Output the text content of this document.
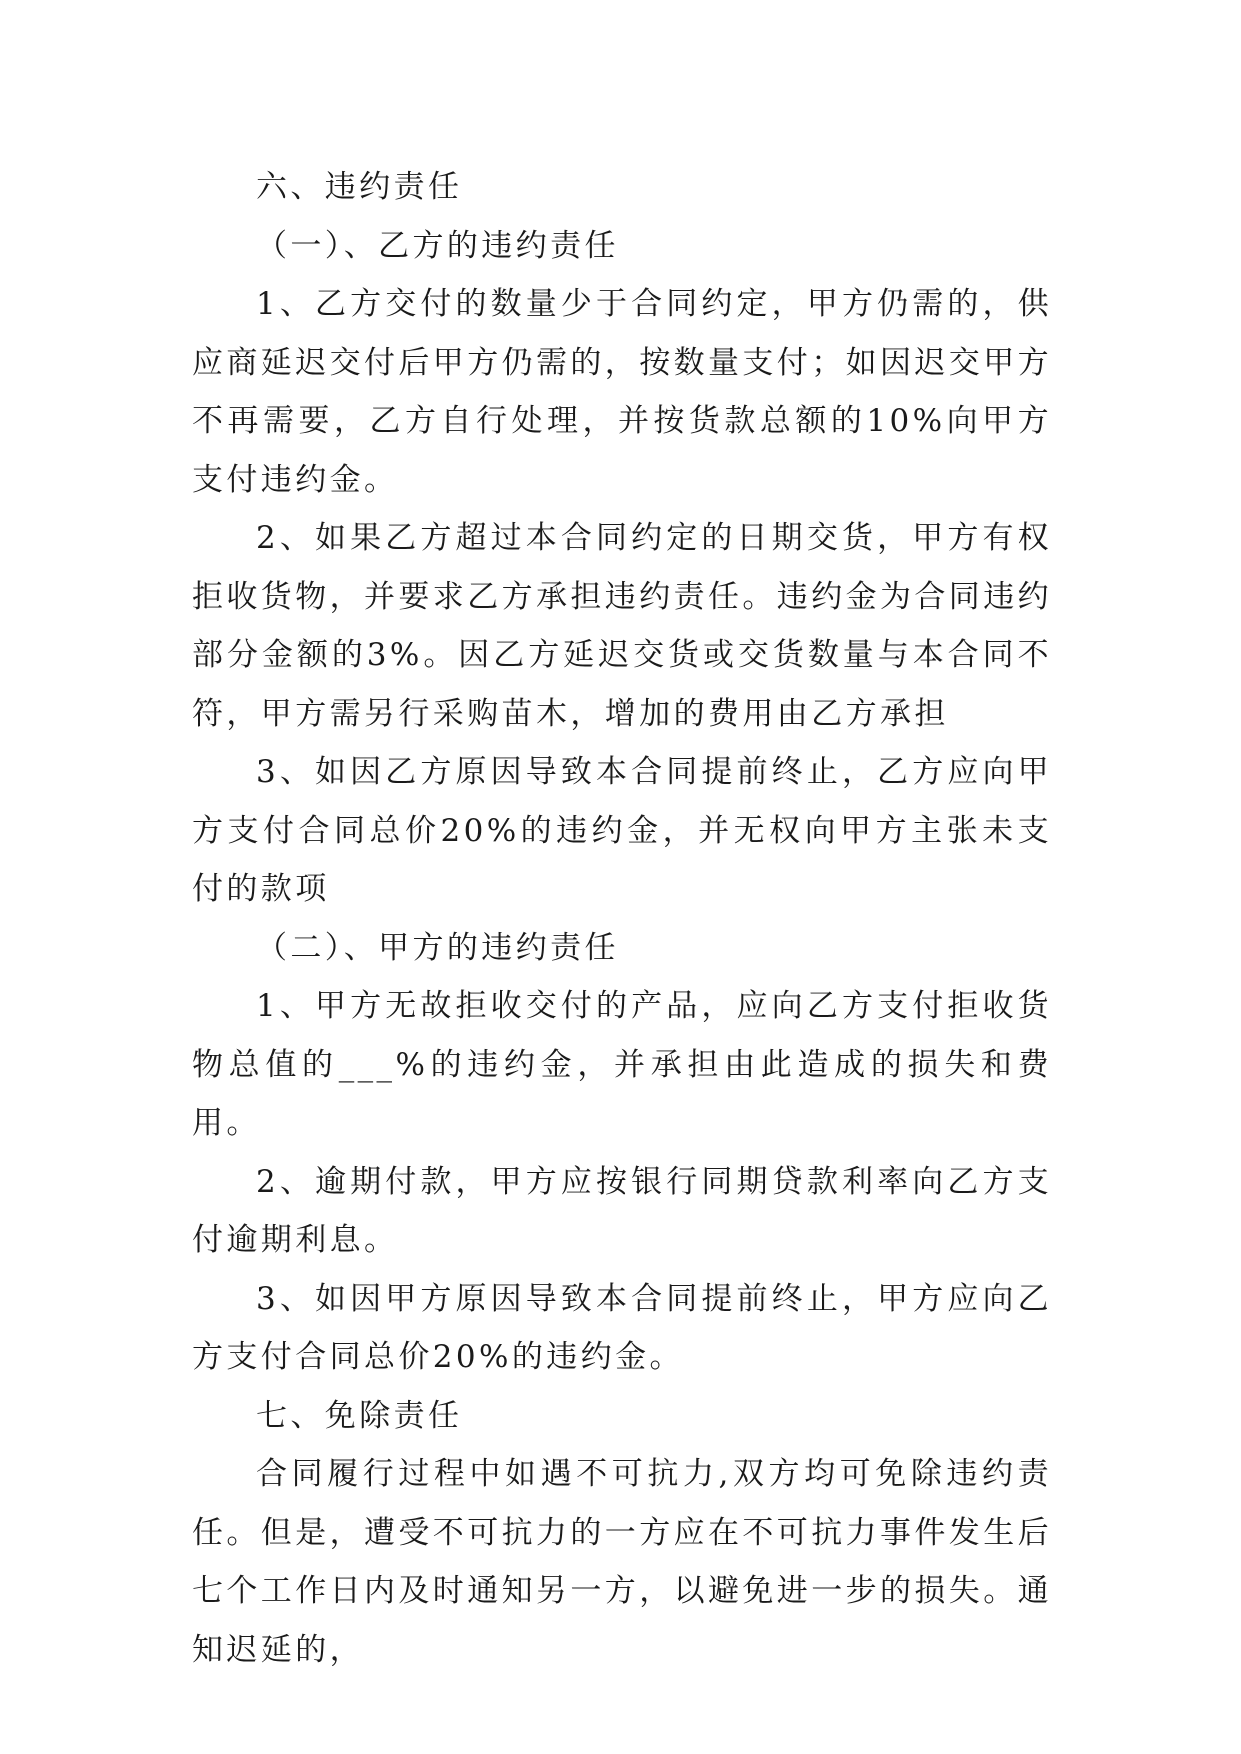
六、违约责任

（一）、乙方的违约责任

1、乙方交付的数量少于合同约定，甲方仍需的，供应商延迟交付后甲方仍需的，按数量支付；如因迟交甲方不再需要，乙方自行处理，并按货款总额的10%向甲方支付违约金。

2、如果乙方超过本合同约定的日期交货，甲方有权拒收货物，并要求乙方承担违约责任。违约金为合同违约部分金额的3%。因乙方延迟交货或交货数量与本合同不符，甲方需另行采购苗木，增加的费用由乙方承担

3、如因乙方原因导致本合同提前终止，乙方应向甲方支付合同总价20%的违约金，并无权向甲方主张未支付的款项

（二）、甲方的违约责任

1、甲方无故拒收交付的产品，应向乙方支付拒收货物总值的___%的违约金，并承担由此造成的损失和费用。

2、逾期付款，甲方应按银行同期贷款利率向乙方支付逾期利息。

3、如因甲方原因导致本合同提前终止，甲方应向乙方支付合同总价20%的违约金。

七、免除责任

合同履行过程中如遇不可抗力,双方均可免除违约责任。但是，遭受不可抗力的一方应在不可抗力事件发生后七个工作日内及时通知另一方，以避免进一步的损失。通知迟延的，
